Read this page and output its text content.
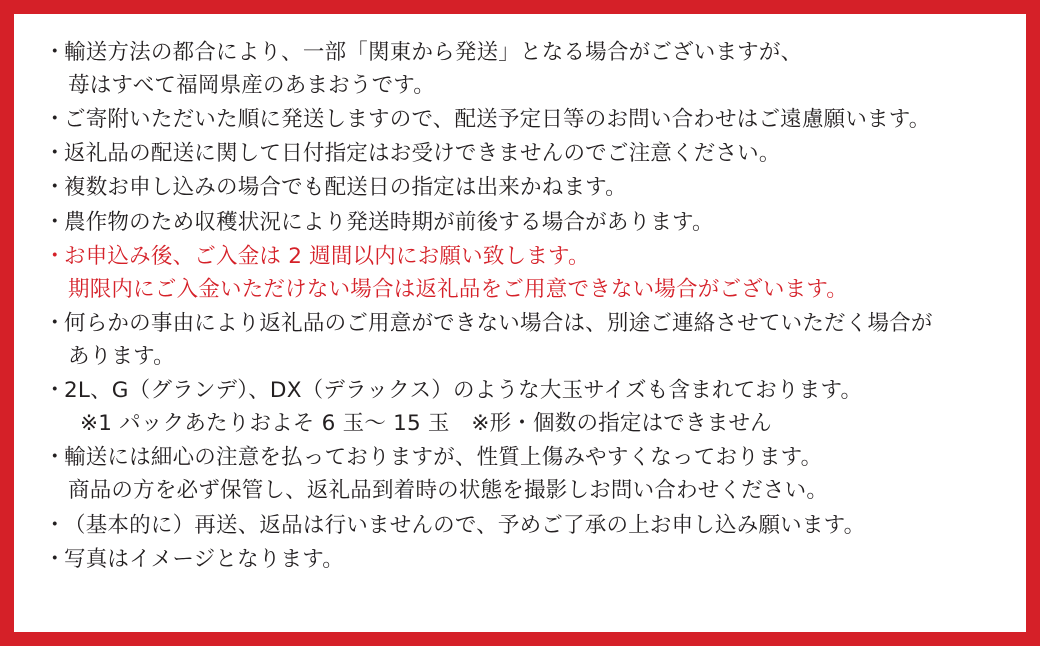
・
輸送方法の都合により、一部「関東から発送」となる場合がございますが、
苺はすべて福岡県産のあまおうです。
・
ご寄附いただいた順に発送しますので、配送予定日等のお問い合わせはご遠慮願います。
・
返礼品の配送に関して日付指定はお受けできませんのでご注意ください。
・
複数お申し込みの場合でも配送日の指定は出来かねます。
・
農作物のため収穫状況により発送時期が前後する場合があります。
・
お申込み後、ご入金は 2 週間以内にお願い致します。
期限内にご入金いただけない場合は返礼品をご用意できない場合がございます。
・
何らかの事由により返礼品のご用意ができない場合は、別途ご連絡させていただく場合が
あります。
・
2L、G（グランデ）、DX（デラックス）のような大玉サイズも含まれております。
※1 パックあたりおよそ 6 玉〜 15 玉　※形・個数の指定はできません
・
輸送には細心の注意を払っておりますが、性質上傷みやすくなっております。
商品の方を必ず保管し、返礼品到着時の状態を撮影しお問い合わせください。
・
（基本的に）再送、返品は行いませんので、予めご了承の上お申し込み願います。
・
写真はイメージとなります。
